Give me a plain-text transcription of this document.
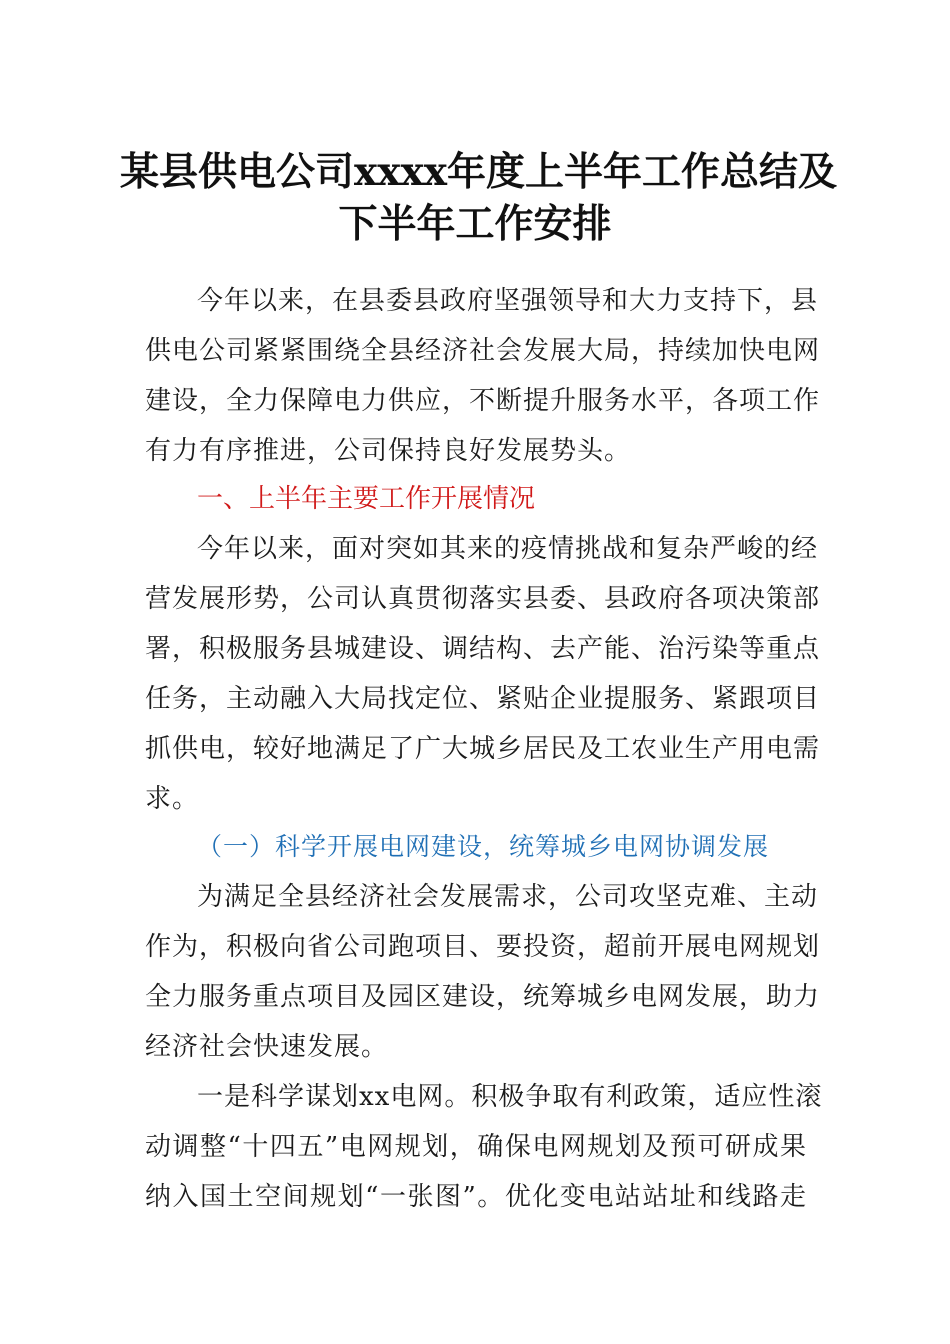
某县供电公司xxxx年度上半年工作总结及
下半年工作安排
今年以来，在县委县政府坚强领导和大力支持下，县
供电公司紧紧围绕全县经济社会发展大局，持续加快电网
建设，全力保障电力供应，不断提升服务水平，各项工作
有力有序推进，公司保持良好发展势头。
一、上半年主要工作开展情况
今年以来，面对突如其来的疫情挑战和复杂严峻的经
营发展形势，公司认真贯彻落实县委、县政府各项决策部
署，积极服务县城建设、调结构、去产能、治污染等重点
任务，主动融入大局找定位、紧贴企业提服务、紧跟项目
抓供电，较好地满足了广大城乡居民及工农业生产用电需
求。
（一）科学开展电网建设，统筹城乡电网协调发展
为满足全县经济社会发展需求，公司攻坚克难、主动
作为，积极向省公司跑项目、要投资，超前开展电网规划
全力服务重点项目及园区建设，统筹城乡电网发展，助力
经济社会快速发展。
一是科学谋划xx电网。积极争取有利政策，适应性滚
动调整“十四五”电网规划，确保电网规划及预可研成果
纳入国土空间规划“一张图”。优化变电站站址和线路走
